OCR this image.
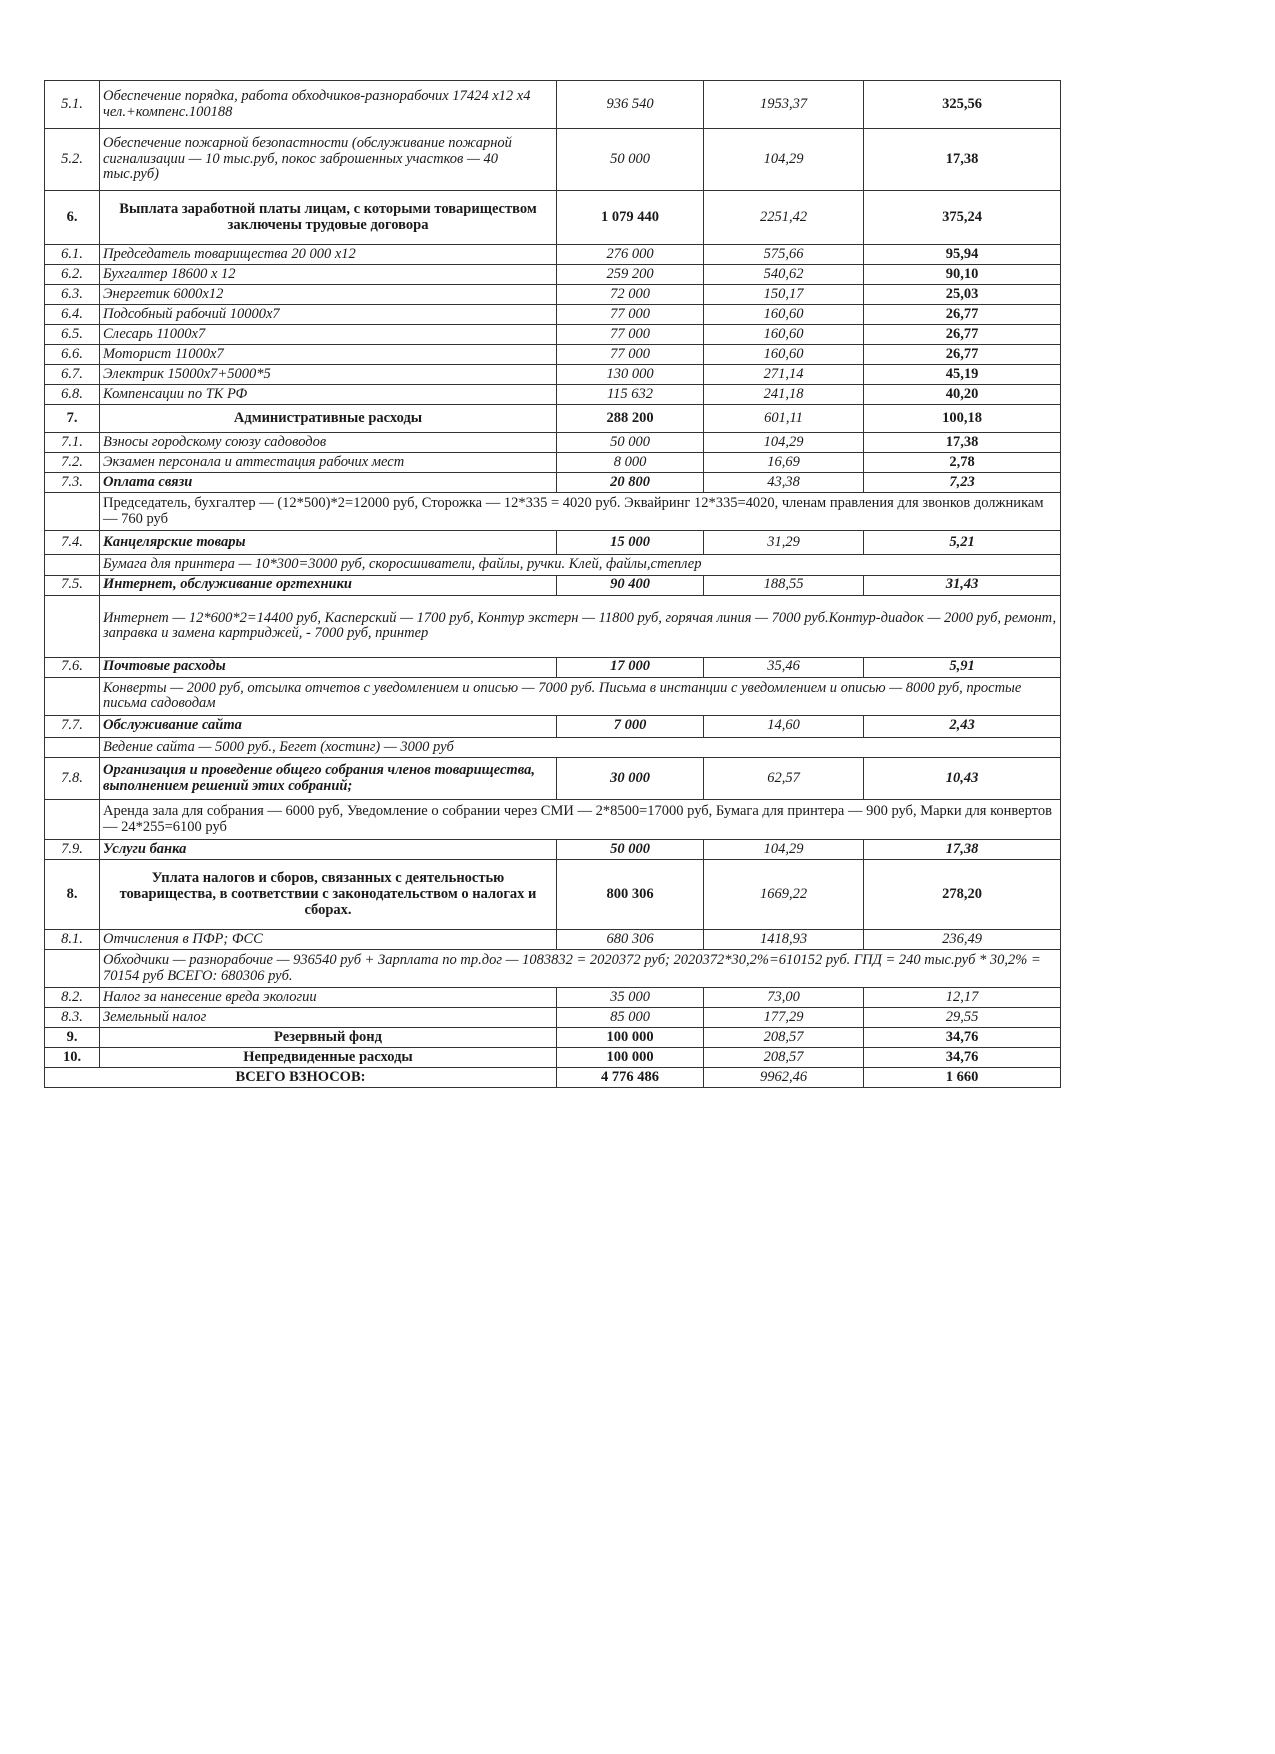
5.1.	Обеспечение порядка, работа обходчиков-разнорабочих 17424 х12 х4 чел.+компенс.100188	936 540	1953,37	325,56
5.2.	Обеспечение пожарной безопастности (обслуживание пожарной сигнализации — 10 тыс.руб, покос заброшенных участков — 40 тыс.руб)	50 000	104,29	17,38
6.	Выплата заработной платы лицам, с которыми товариществом заключены трудовые договора	1 079 440	2251,42	375,24
6.1.	Председатель товарищества 20 000 х12	276 000	575,66	95,94
6.2.	Бухгалтер 18600 х 12	259 200	540,62	90,10
6.3.	Энергетик 6000х12	72 000	150,17	25,03
6.4.	Подсобный рабочий 10000х7	77 000	160,60	26,77
6.5.	Слесарь 11000х7	77 000	160,60	26,77
6.6.	Моторист 11000х7	77 000	160,60	26,77
6.7.	Электрик 15000х7+5000*5	130 000	271,14	45,19
6.8.	Компенсации по ТК РФ	115 632	241,18	40,20
7.	Административные расходы	288 200	601,11	100,18
7.1.	Взносы городскому союзу садоводов	50 000	104,29	17,38
7.2.	Экзамен персонала и аттестация рабочих мест	8 000	16,69	2,78
7.3.	Оплата связи	20 800	43,38	7,23
	Председатель, бухгалтер — (12*500)*2=12000 руб, Сторожка — 12*335 = 4020 руб. Эквайринг 12*335=4020, членам правления для звонков должникам — 760 руб			
7.4.	Канцелярские товары	15 000	31,29	5,21
	Бумага для принтера — 10*300=3000 руб, скоросшиватели, файлы, ручки. Клей, файлы,степлер			
7.5.	Интернет, обслуживание оргтехники	90 400	188,55	31,43
	Интернет — 12*600*2=14400 руб, Касперский — 1700 руб, Контур экстерн — 11800 руб, горячая линия — 7000 руб.Контур-диадок — 2000 руб, ремонт, заправка и замена картриджей, - 7000 руб, принтер			
7.6.	Почтовые расходы	17 000	35,46	5,91
	Конверты — 2000 руб, отсылка отчетов с уведомлением и описью — 7000 руб. Письма в инстанции с уведомлением и описью — 8000 руб, простые письма садоводам			
7.7.	Обслуживание сайта	7 000	14,60	2,43
	Ведение сайта — 5000 руб., Бегет (хостинг) — 3000 руб			
7.8.	Организация и проведение общего собрания членов товарищества, выполнением решений этих собраний;	30 000	62,57	10,43
	Аренда зала для собрания — 6000 руб, Уведомление о собрании через СМИ — 2*8500=17000 руб, Бумага для принтера — 900 руб, Марки для конвертов — 24*255=6100 руб			
7.9.	Услуги банка	50 000	104,29	17,38
8.	Уплата налогов и сборов, связанных с деятельностью товарищества, в соответствии с законодательством о налогах и сборах.	800 306	1669,22	278,20
8.1.	Отчисления в ПФР; ФСС	680 306	1418,93	236,49
	Обходчики — разнорабочие — 936540 руб + Зарплата по тр.дог — 1083832 = 2020372 руб; 2020372*30,2%=610152 руб. ГПД = 240 тыс.руб * 30,2% = 70154 руб ВСЕГО: 680306 руб.			
8.2.	Налог за нанесение вреда экологии	35 000	73,00	12,17
8.3.	Земельный налог	85 000	177,29	29,55
9.	Резервный фонд	100 000	208,57	34,76
10.	Непредвиденные расходы	100 000	208,57	34,76
ВСЕГО ВЗНОСОВ:		4 776 486	9962,46	1 660
